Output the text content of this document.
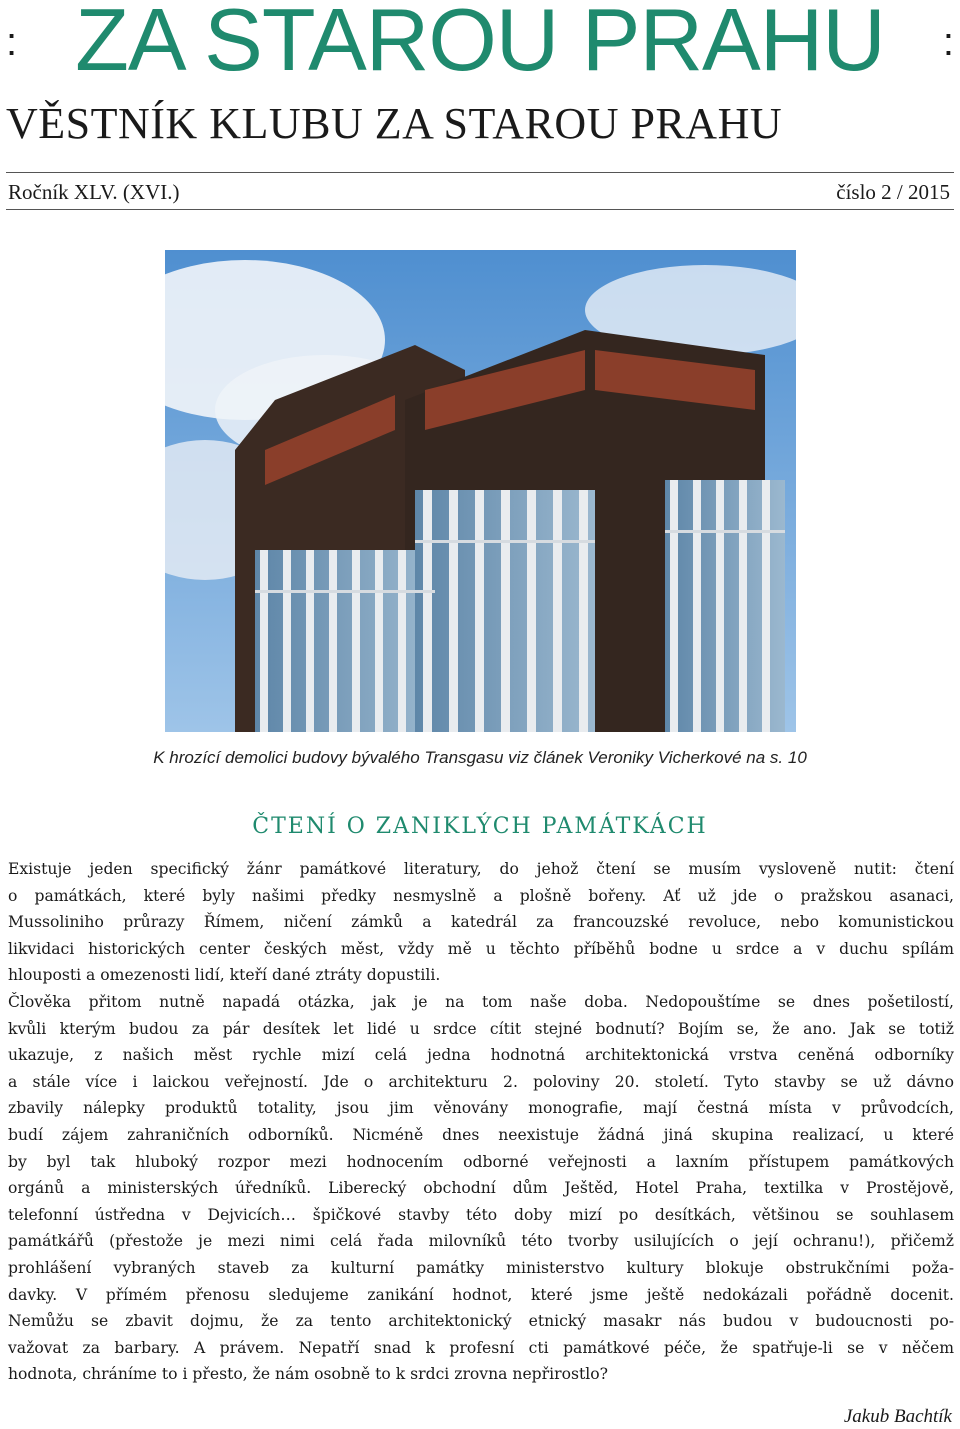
: ZA STAROU PRAHU	:
VĚSTNÍK KLUBU ZA STAROU PRAHU
Ročník XLV. (XVI.)	číslo 2 / 2015
K hrozící demolici budovy bývalého Transgasu viz článek Veroniky Vicherkové na s. 10
ČTENÍ O ZANIKLÝCH PAMÁTKÁCH

Existuje jeden specifický žánr památkové literatury, do jehož čtení se musím vysloveně nutit: čtení
o památkách, které byly našimi předky nesmyslně a plošně bořeny. Ať už jde o pražskou asanaci,
Mussoliniho průrazy Římem, ničení zámků a katedrál za francouzské revoluce, nebo komunistickou
likvidaci historických center českých měst, vždy mě u těchto příběhů bodne u srdce a v duchu spílám
hlouposti a omezenosti lidí, kteří dané ztráty dopustili.

Člověka přitom nutně napadá otázka, jak je na tom naše doba. Nedopouštíme se dnes pošetilostí,
kvůli kterým budou za pár desítek let lidé u srdce cítit stejné bodnutí? Bojím se, že ano. Jak se totiž
ukazuje, z našich měst rychle mizí celá jedna hodnotná architektonická vrstva ceněná odborníky
a stále více i laickou veřejností. Jde o architekturu 2. poloviny 20. století. Tyto stavby se už dávno
zbavily nálepky produktů totality, jsou jim věnovány monografie, mají čestná místa v průvodcích,
budí zájem zahraničních odborníků. Nicméně dnes neexistuje žádná jiná skupina realizací, u které
by byl tak hluboký rozpor mezi hodnocením odborné veřejnosti a laxním přístupem památkových
orgánů a ministerských úředníků. Liberecký obchodní dům Ještěd, Hotel Praha, textilka v Prostějově,
telefonní ústředna v Dejvicích… špičkové stavby této doby mizí po desítkách, většinou se souhlasem
památkářů (přestože je mezi nimi celá řada milovníků této tvorby usilujících o její ochranu!), přičemž
prohlášení vybraných staveb za kulturní památky ministerstvo kultury blokuje obstrukčními poža-
davky. V přímém přenosu sledujeme zanikání hodnot, které jsme ještě nedokázali pořádně docenit.
Nemůžu se zbavit dojmu, že za tento architektonický etnický masakr nás budou v budoucnosti po-
važovat za barbary. A právem. Nepatří snad k profesní cti památkové péče, že spatřuje-li se v něčem
hodnota, chráníme to i přesto, že nám osobně to k srdci zrovna nepřirostlo?

Jakub Bachtík
